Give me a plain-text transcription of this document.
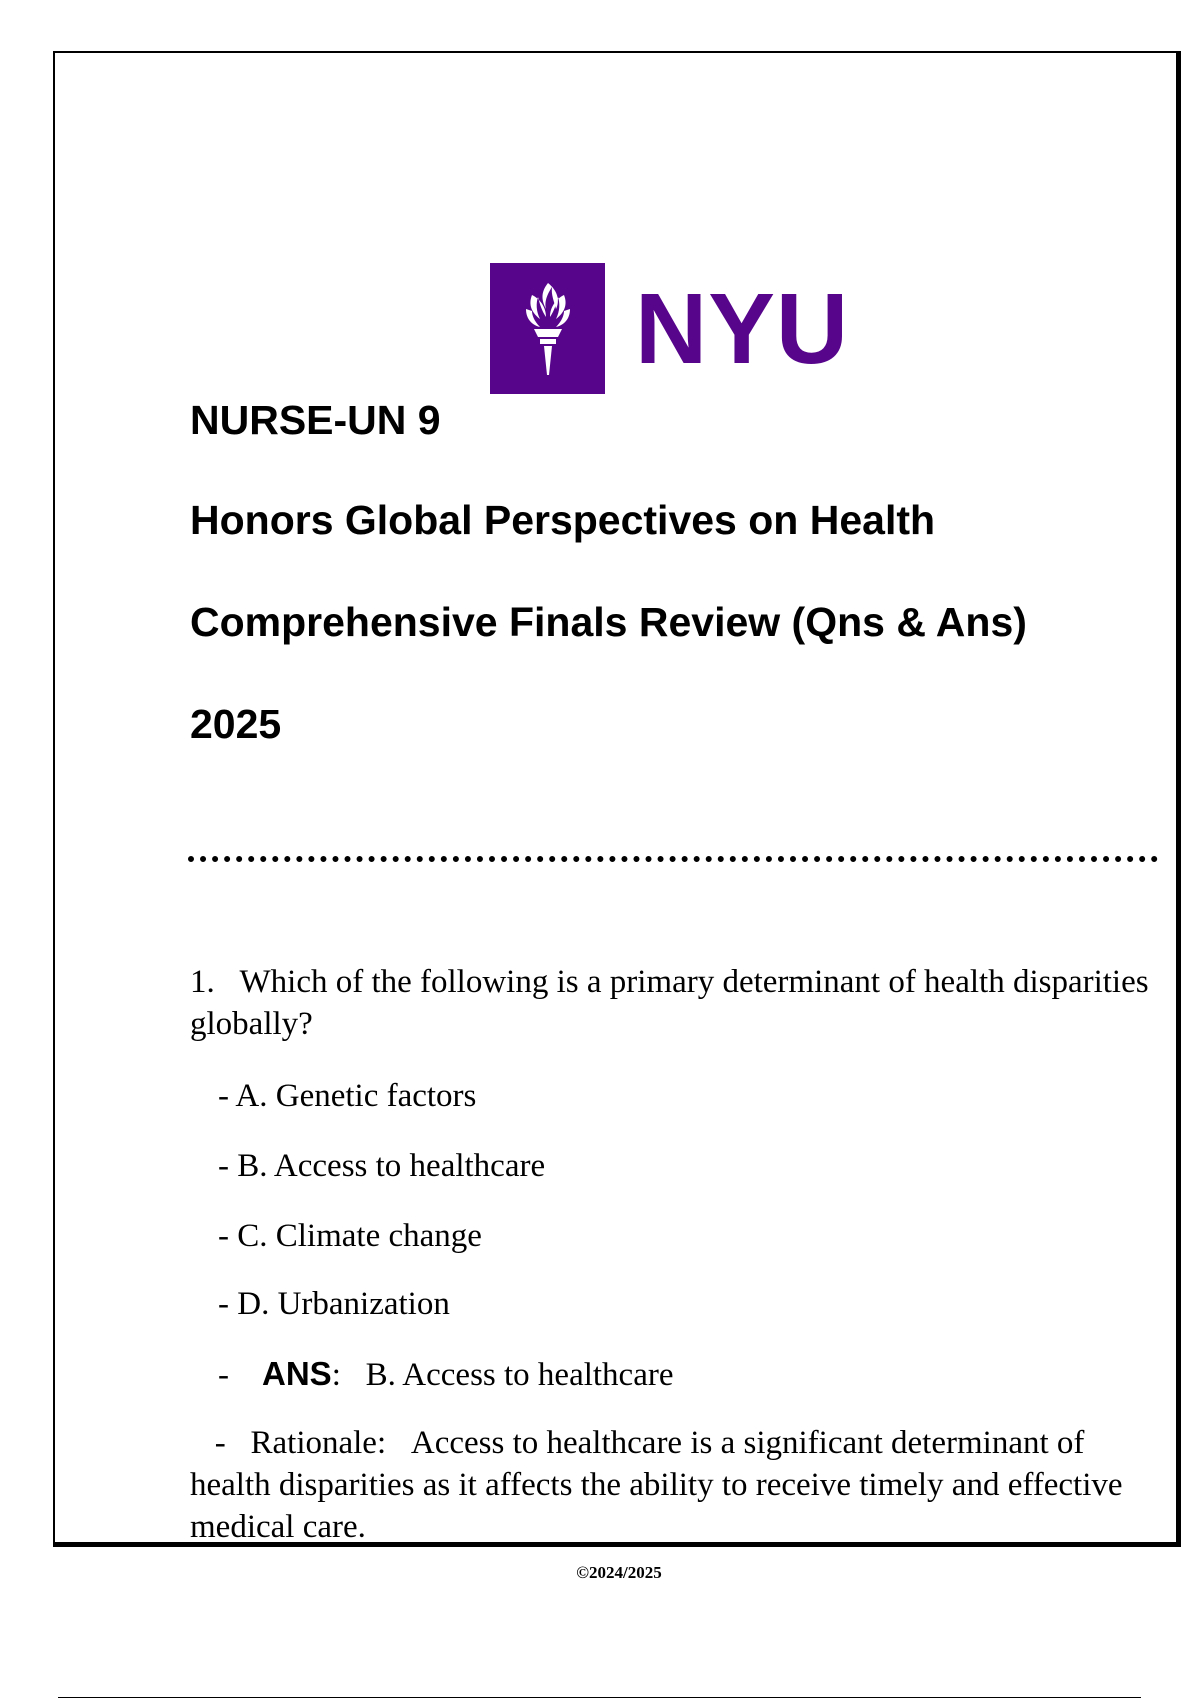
NYU
NURSE-UN 9
Honors Global Perspectives on Health
Comprehensive Finals Review (Qns & Ans)
2025

1. Which of the following is a primary determinant of health disparities globally?

- A. Genetic factors

- B. Access to healthcare

- C. Climate change

- D. Urbanization

- ANS: B. Access to healthcare

- Rationale: Access to healthcare is a significant determinant of health disparities as it affects the ability to receive timely and effective medical care.

©2024/2025
